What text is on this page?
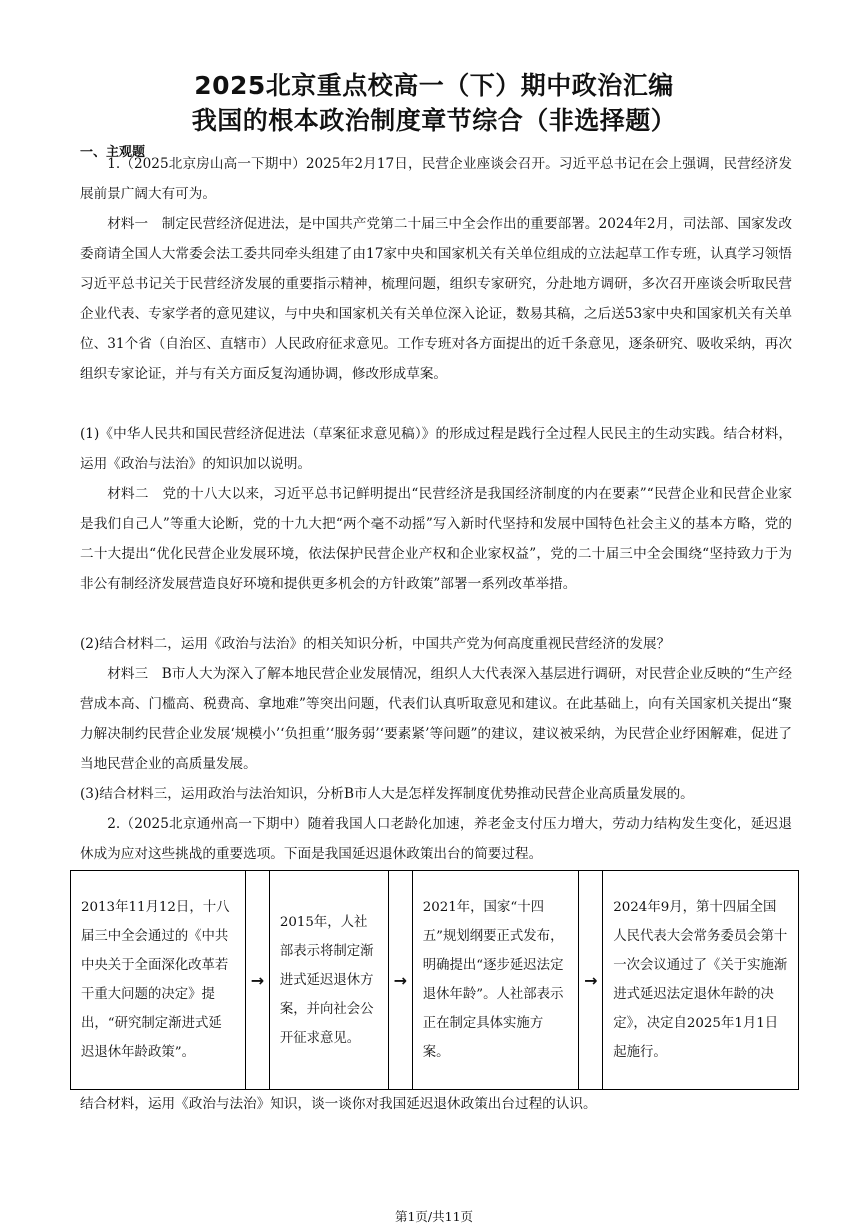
2025北京重点校高一（下）期中政治汇编
我国的根本政治制度章节综合（非选择题）
一、主观题
1.（2025北京房山高一下期中）2025年2月17日，民营企业座谈会召开。习近平总书记在会上强调，民营经济发展前景广阔大有可为。
材料一　制定民营经济促进法，是中国共产党第二十届三中全会作出的重要部署。2024年2月，司法部、国家发改委商请全国人大常委会法工委共同牵头组建了由17家中央和国家机关有关单位组成的立法起草工作专班，认真学习领悟习近平总书记关于民营经济发展的重要指示精神，梳理问题，组织专家研究，分赴地方调研，多次召开座谈会听取民营企业代表、专家学者的意见建议，与中央和国家机关有关单位深入论证，数易其稿，之后送53家中央和国家机关有关单位、31个省（自治区、直辖市）人民政府征求意见。工作专班对各方面提出的近千条意见，逐条研究、吸收采纳，再次组织专家论证，并与有关方面反复沟通协调，修改形成草案。
(1)《中华人民共和国民营经济促进法（草案征求意见稿）》的形成过程是践行全过程人民民主的生动实践。结合材料，运用《政治与法治》的知识加以说明。
材料二　党的十八大以来，习近平总书记鲜明提出“民营经济是我国经济制度的内在要素”“民营企业和民营企业家是我们自己人”等重大论断，党的十九大把“两个毫不动摇”写入新时代坚持和发展中国特色社会主义的基本方略，党的二十大提出“优化民营企业发展环境，依法保护民营企业产权和企业家权益”，党的二十届三中全会围绕“坚持致力于为非公有制经济发展营造良好环境和提供更多机会的方针政策”部署一系列改革举措。
(2)结合材料二，运用《政治与法治》的相关知识分析，中国共产党为何高度重视民营经济的发展？
材料三　B市人大为深入了解本地民营企业发展情况，组织人大代表深入基层进行调研，对民营企业反映的“生产经营成本高、门槛高、税费高、拿地难”等突出问题，代表们认真听取意见和建议。在此基础上，向有关国家机关提出“聚力解决制约民营企业发展‘规模小’‘负担重’‘服务弱’‘要素紧’等问题”的建议，建议被采纳，为民营企业纾困解难，促进了当地民营企业的高质量发展。
(3)结合材料三，运用政治与法治知识，分析B市人大是怎样发挥制度优势推动民营企业高质量发展的。
2.（2025北京通州高一下期中）随着我国人口老龄化加速，养老金支付压力增大，劳动力结构发生变化，延迟退休成为应对这些挑战的重要选项。下面是我国延迟退休政策出台的简要过程。
2013年11月12日，十八届三中全会通过的《中共中央关于全面深化改革若干重大问题的决定》提出，“研究制定渐进式延迟退休年龄政策”。	→	2015年，人社部表示将制定渐进式延迟退休方案，并向社会公开征求意见。	→	2021年，国家“十四五”规划纲要正式发布，明确提出“逐步延迟法定退休年龄”。人社部表示正在制定具体实施方案。	→	2024年9月，第十四届全国人民代表大会常务委员会第十一次会议通过了《关于实施渐进式延迟法定退休年龄的决定》，决定自2025年1月1日起施行。
结合材料，运用《政治与法治》知识，谈一谈你对我国延迟退休政策出台过程的认识。
第1页/共11页
